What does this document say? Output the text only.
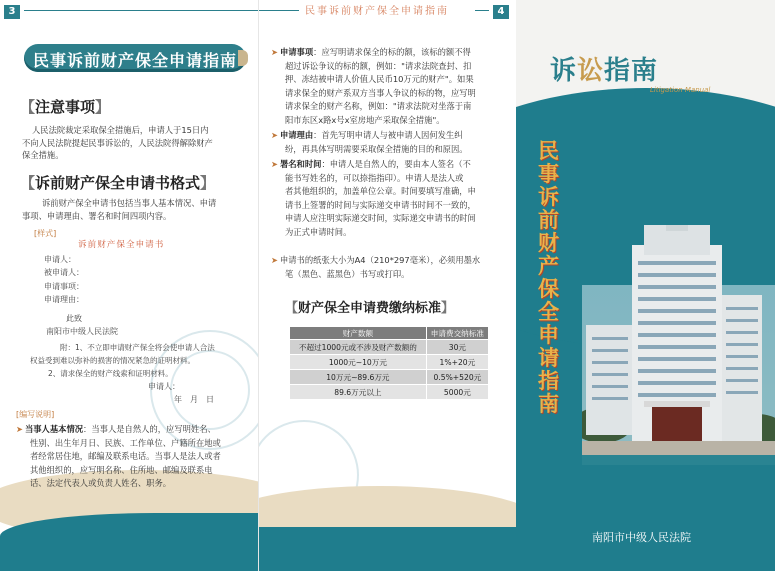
3
民事诉前财产保全申请指南
【注意事项】
人民法院裁定采取保全措施后，申请人于15日内
不向人民法院提起民事诉讼的，人民法院得解除财产
保全措施。
【诉前财产保全申请书格式】
诉前财产保全申请书包括当事人基本情况、申请
事项、申请理由、署名和时间四项内容。
[样式]
诉前财产保全申请书
申请人：
被申请人：
申请事项：
申请理由：
此致
南阳市中级人民法院
附：1、不立即申请财产保全将会使申请人合法
权益受到难以弥补的损害的情况紧急的证明材料。
2、请求保全的财产线索和证明材料。
申请人：
年　月　日
[编写说明]
➤ 当事人基本情况：当事人是自然人的，应写明姓名、
性别、出生年月日、民族、工作单位、户籍所在地或
者经常居住地，邮编及联系电话。当事人是法人或者
其他组织的，应写明名称、住所地、邮编及联系电
话、法定代表人或负责人姓名、职务。
民事诉前财产保全申请指南	4
➤ 申请事项：应写明请求保全的标的额，该标的额不得
超过诉讼争议的标的额，例如："请求法院查封、扣
押、冻结被申请人价值人民币10万元的财产"。如果
请求保全的财产系双方当事人争议的标的物，应写明
请求保全的财产名称，例如："请求法院对坐落于南
阳市东区x路x号x室房地产采取保全措施"。
➤ 申请理由：首先写明申请人与被申请人因何发生纠
纷，再具体写明需要采取保全措施的目的和原因。
➤ 署名和时间：申请人是自然人的，要由本人签名（不
能书写姓名的，可以捺指指印）。申请人是法人或
者其他组织的，加盖单位公章。时间要填写准确，申
请书上签署的时间与实际递交申请书时间不一致的，
申请人应注明实际递交时间，实际递交申请书的时间
为正式申请时间。
➤ 申请书的纸张大小为A4（210*297毫米），必须用墨水
笔（黑色、蓝黑色）书写或打印。
【财产保全申请费缴纳标准】
财产数额	申请费交纳标准
不超过1000元或不涉及财产数额的	30元
1000元~10万元	1%+20元
10万元~89.6万元	0.5%+520元
89.6万元以上	5000元
诉讼指南
Litigation Manual
民
事
诉
前
财
产
保
全
申
请
指
南
南阳市中级人民法院
